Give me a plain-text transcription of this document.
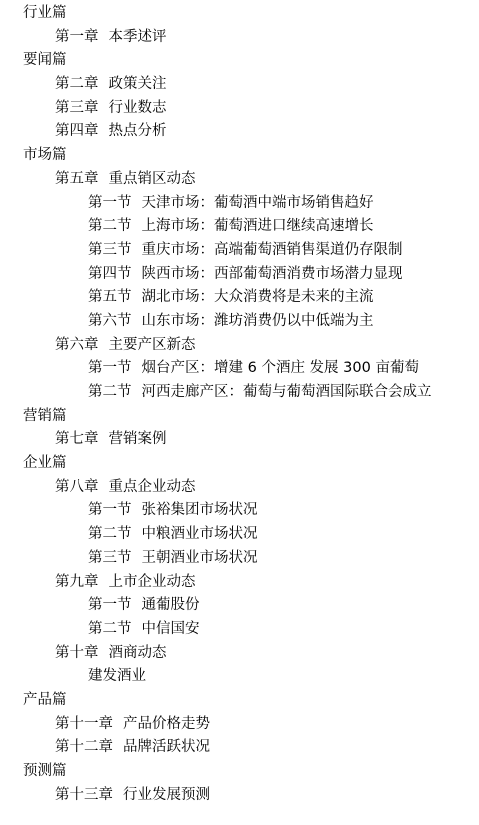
行业篇
第一章 本季述评
要闻篇
第二章 政策关注
第三章 行业数志
第四章 热点分析
市场篇
第五章 重点销区动态
第一节 天津市场：葡萄酒中端市场销售趋好
第二节 上海市场：葡萄酒进口继续高速增长
第三节 重庆市场：高端葡萄酒销售渠道仍存限制
第四节 陕西市场：西部葡萄酒消费市场潜力显现
第五节 湖北市场：大众消费将是未来的主流
第六节 山东市场：潍坊消费仍以中低端为主
第六章 主要产区新态
第一节 烟台产区：增建 6 个酒庄 发展 300 亩葡萄
第二节 河西走廊产区：葡萄与葡萄酒国际联合会成立
营销篇
第七章 营销案例
企业篇
第八章 重点企业动态
第一节 张裕集团市场状况
第二节 中粮酒业市场状况
第三节 王朝酒业市场状况
第九章 上市企业动态
第一节 通葡股份
第二节 中信国安
第十章 酒商动态
建发酒业
产品篇
第十一章 产品价格走势
第十二章 品牌活跃状况
预测篇
第十三章 行业发展预测
